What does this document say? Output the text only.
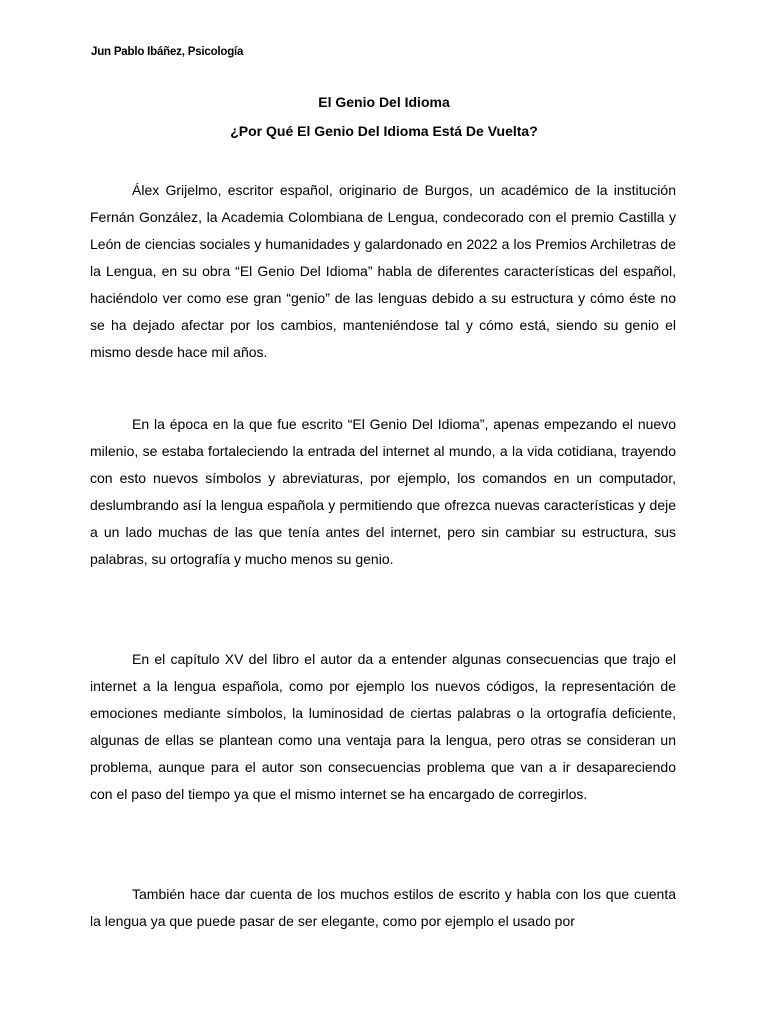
Jun Pablo Ibáñez, Psicología
El Genio Del Idioma
¿Por Qué El Genio Del Idioma Está De Vuelta?

Álex Grijelmo, escritor español, originario de Burgos, un académico de la institución Fernán González, la Academia Colombiana de Lengua, condecorado con el premio Castilla y León de ciencias sociales y humanidades y galardonado en 2022 a los Premios Archiletras de la Lengua, en su obra “El Genio Del Idioma” habla de diferentes características del español, haciéndolo ver como ese gran “genio” de las lenguas debido a su estructura y cómo éste no se ha dejado afectar por los cambios, manteniéndose tal y cómo está, siendo su genio el mismo desde hace mil años.

En la época en la que fue escrito “El Genio Del Idioma”, apenas empezando el nuevo milenio, se estaba fortaleciendo la entrada del internet al mundo, a la vida cotidiana, trayendo con esto nuevos símbolos y abreviaturas, por ejemplo, los comandos en un computador, deslumbrando así la lengua española y permitiendo que ofrezca nuevas características y deje a un lado muchas de las que tenía antes del internet, pero sin cambiar su estructura, sus palabras, su ortografía y mucho menos su genio.

En el capítulo XV del libro el autor da a entender algunas consecuencias que trajo el internet a la lengua española, como por ejemplo los nuevos códigos, la representación de emociones mediante símbolos, la luminosidad de ciertas palabras o la ortografía deficiente, algunas de ellas se plantean como una ventaja para la lengua, pero otras se consideran un problema, aunque para el autor son consecuencias problema que van a ir desapareciendo con el paso del tiempo ya que el mismo internet se ha encargado de corregirlos.

También hace dar cuenta de los muchos estilos de escrito y habla con los que cuenta la lengua ya que puede pasar de ser elegante, como por ejemplo el usado por
